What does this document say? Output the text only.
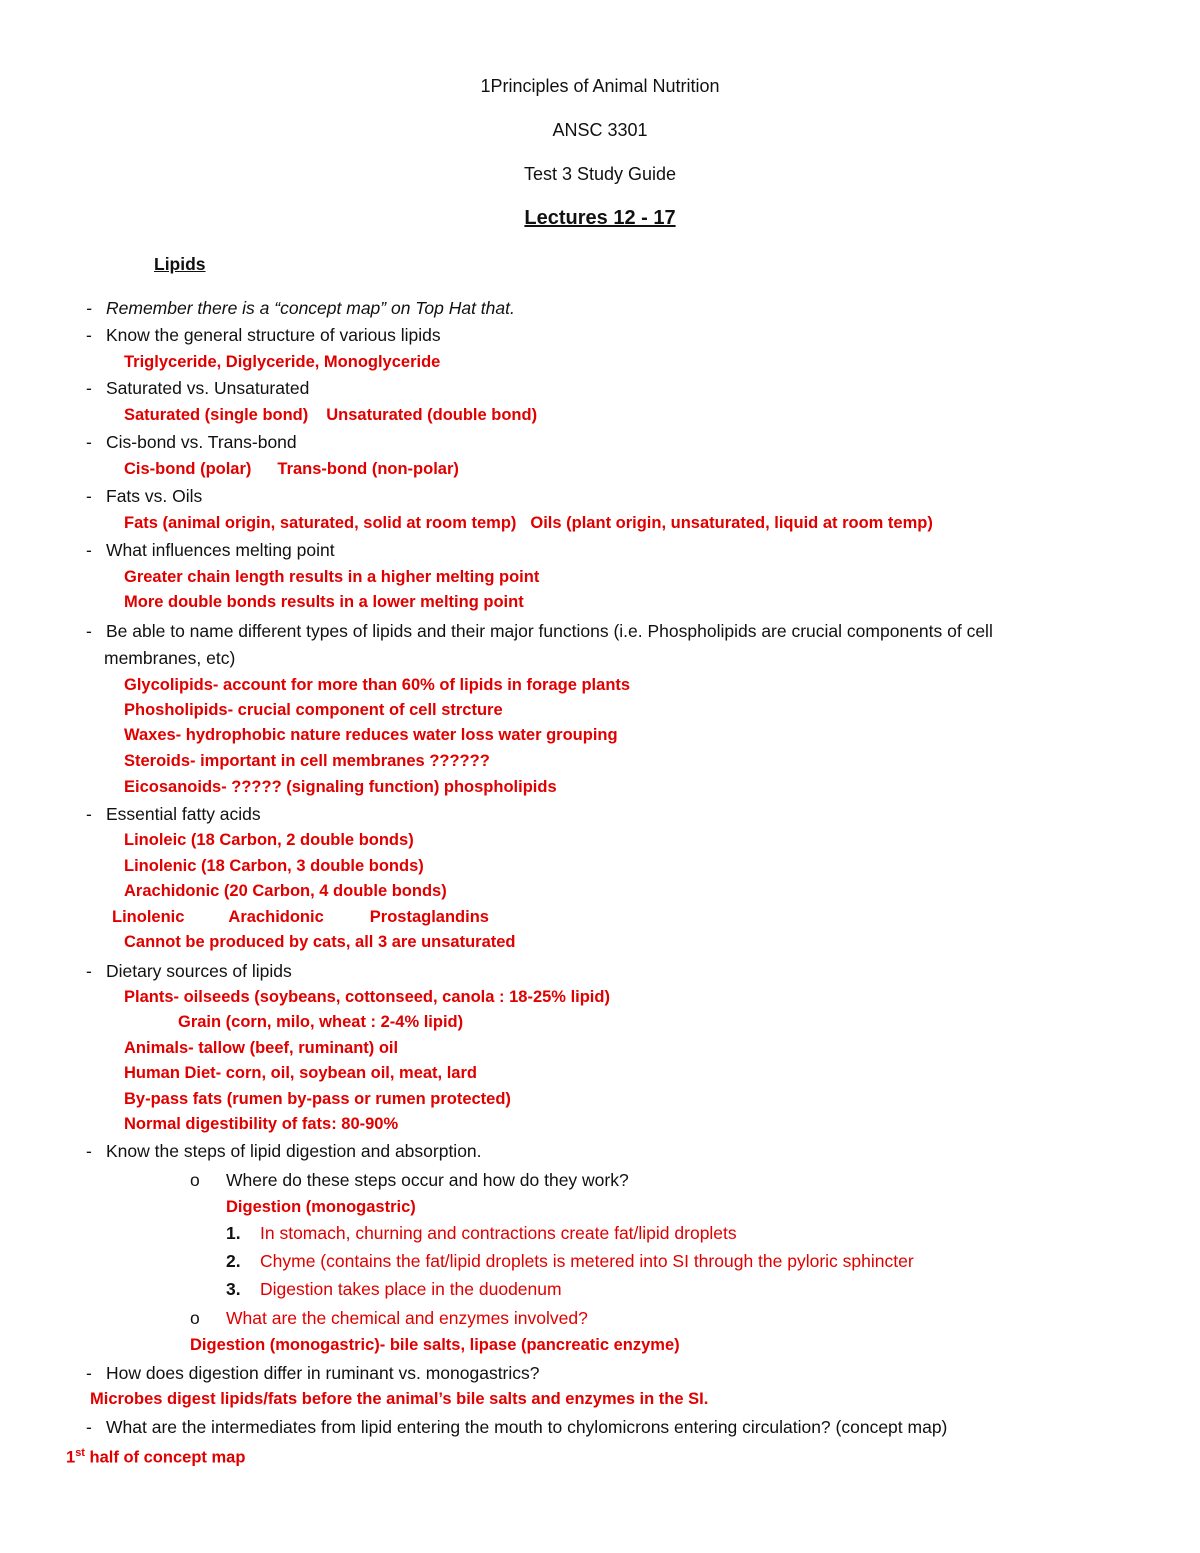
1Principles of Animal Nutrition
ANSC 3301
Test 3 Study Guide
Lectures 12 - 17
Lipids
- Remember there is a “concept map” on Top Hat that.
- Know the general structure of various lipids
Triglyceride, Diglyceride, Monoglyceride
- Saturated vs. Unsaturated
Saturated (single bond) Unsaturated (double bond)
- Cis-bond vs. Trans-bond
Cis-bond (polar) Trans-bond (non-polar)
- Fats vs. Oils
Fats (animal origin, saturated, solid at room temp) Oils (plant origin, unsaturated, liquid at room temp)
- What influences melting point
Greater chain length results in a higher melting point
More double bonds results in a lower melting point
- Be able to name different types of lipids and their major functions (i.e. Phospholipids are crucial components of cell
membranes, etc)
Glycolipids- account for more than 60% of lipids in forage plants
Phosholipids- crucial component of cell strcture
Waxes- hydrophobic nature reduces water loss water grouping
Steroids- important in cell membranes ??????
Eicosanoids- ????? (signaling function) phospholipids
- Essential fatty acids
Linoleic (18 Carbon, 2 double bonds)
Linolenic (18 Carbon, 3 double bonds)
Arachidonic (20 Carbon, 4 double bonds)
Linolenic	Arachidonic	Prostaglandins
Cannot be produced by cats, all 3 are unsaturated
- Dietary sources of lipids
Plants- oilseeds (soybeans, cottonseed, canola : 18-25% lipid)
Grain (corn, milo, wheat : 2-4% lipid)
Animals- tallow (beef, ruminant) oil
Human Diet- corn, oil, soybean oil, meat, lard
By-pass fats (rumen by-pass or rumen protected)
Normal digestibility of fats: 80-90%
- Know the steps of lipid digestion and absorption.
o Where do these steps occur and how do they work?
Digestion (monogastric)
1. In stomach, churning and contractions create fat/lipid droplets
2. Chyme (contains the fat/lipid droplets is metered into SI through the pyloric sphincter
3. Digestion takes place in the duodenum
o What are the chemical and enzymes involved?
Digestion (monogastric)- bile salts, lipase (pancreatic enzyme)
- How does digestion differ in ruminant vs. monogastrics?
Microbes digest lipids/fats before the animal’s bile salts and enzymes in the SI.
- What are the intermediates from lipid entering the mouth to chylomicrons entering circulation? (concept map)
1st half of concept map
